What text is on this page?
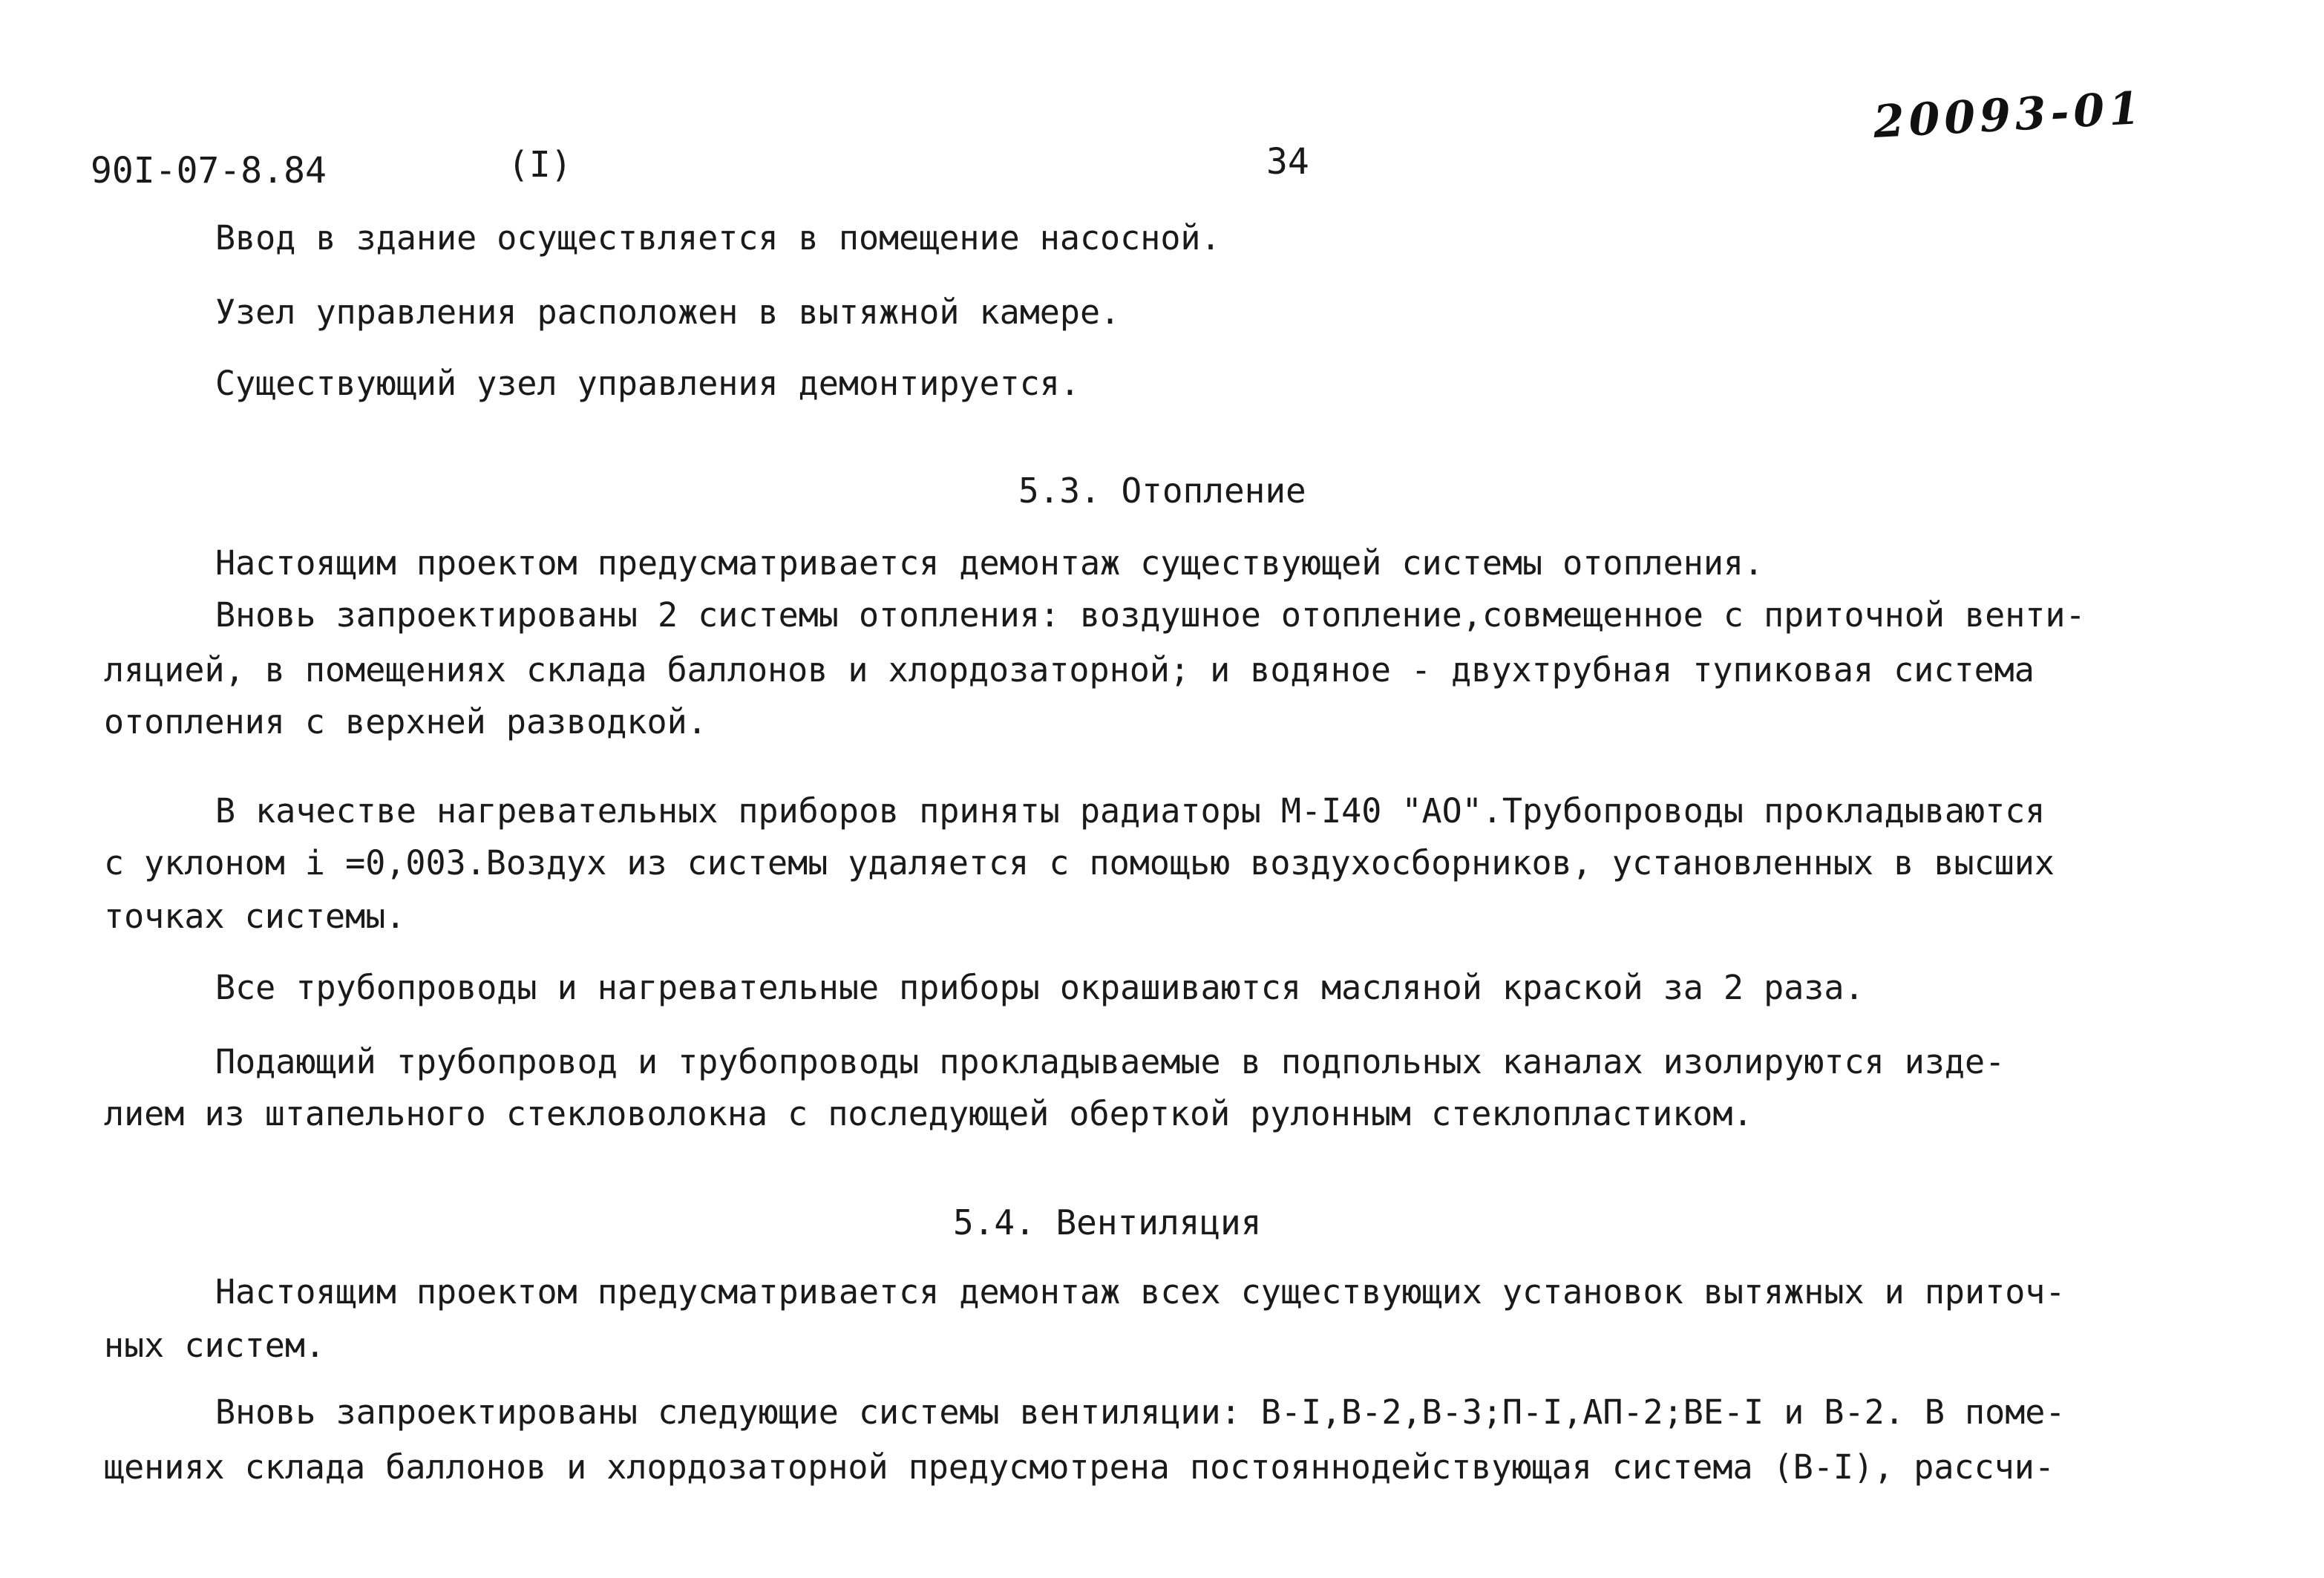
90I-07-8.84	(I)	34
20093-01
Ввод в здание осуществляется в помещение насосной.
Узел управления расположен в вытяжной камере.
Существующий узел управления демонтируется.
5.3. Отопление
Настоящим проектом предусматривается демонтаж существующей системы отопления.
Вновь запроектированы 2 системы отопления: воздушное отопление,совмещенное с приточной венти-
ляцией, в помещениях склада баллонов и хлордозаторной; и водяное - двухтрубная тупиковая система
отопления с верхней разводкой.
В качестве нагревательных приборов приняты радиаторы М-I40 "АО".Трубопроводы прокладываются
с уклоном i =0,003.Воздух из системы удаляется с помощью воздухосборников, установленных в высших
точках системы.
Все трубопроводы и нагревательные приборы окрашиваются масляной краской за 2 раза.
Подающий трубопровод и трубопроводы прокладываемые в подпольных каналах изолируются изде-
лием из штапельного стекловолокна с последующей оберткой рулонным стеклопластиком.
5.4. Вентиляция
Настоящим проектом предусматривается демонтаж всех существующих установок вытяжных и приточ-
ных систем.
Вновь запроектированы следующие системы вентиляции: В-I,В-2,В-3;П-I,АП-2;ВЕ-I и В-2. В поме-
щениях склада баллонов и хлордозаторной предусмотрена постояннодействующая система (В-I), рассчи-
